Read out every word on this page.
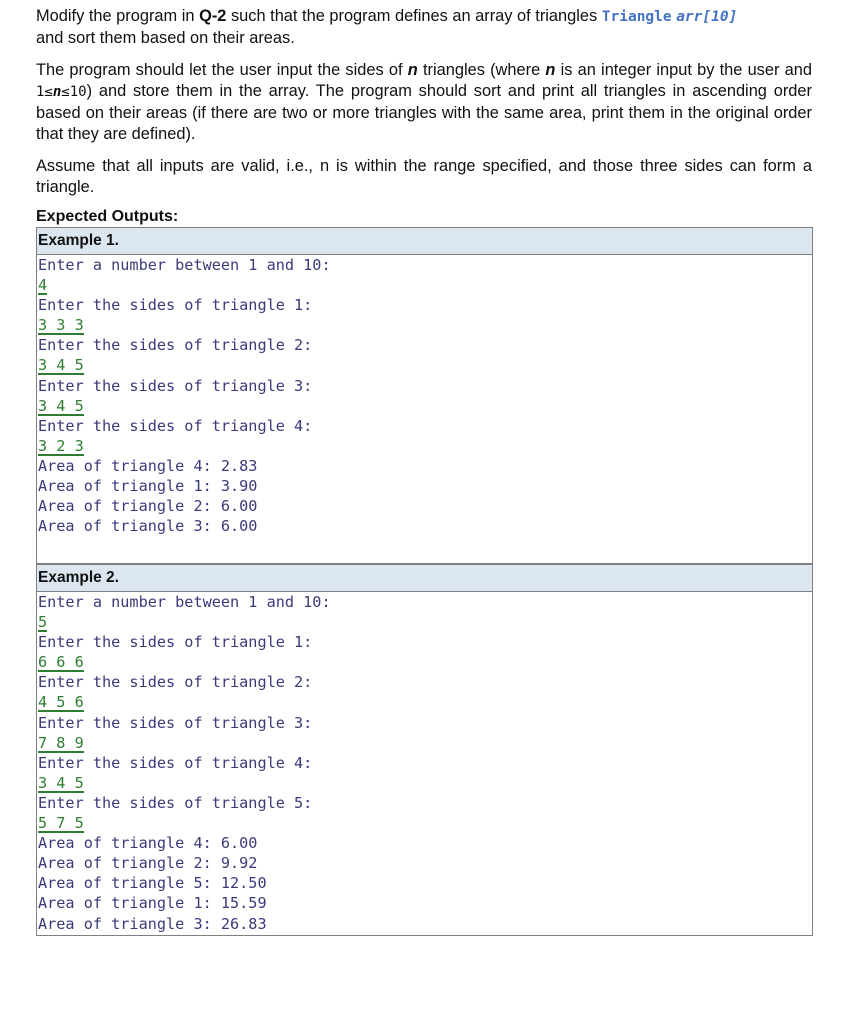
Modify the program in Q-2 such that the program defines an array of triangles Triangle arr[10]
and sort them based on their areas.

The program should let the user input the sides of n triangles (where n is an integer input by the user and 1≤n≤10) and store them in the array. The program should sort and print all triangles in ascending order based on their areas (if there are two or more triangles with the same area, print them in the original order that they are defined).

Assume that all inputs are valid, i.e., n is within the range specified, and those three sides can form a triangle.

Expected Outputs:
Example 1.
Enter a number between 1 and 10:
4
Enter the sides of triangle 1:
3 3 3
Enter the sides of triangle 2:
3 4 5
Enter the sides of triangle 3:
3 4 5
Enter the sides of triangle 4:
3 2 3
Area of triangle 4: 2.83
Area of triangle 1: 3.90
Area of triangle 2: 6.00
Area of triangle 3: 6.00
Example 2.
Enter a number between 1 and 10:
5
Enter the sides of triangle 1:
6 6 6
Enter the sides of triangle 2:
4 5 6
Enter the sides of triangle 3:
7 8 9
Enter the sides of triangle 4:
3 4 5
Enter the sides of triangle 5:
5 7 5
Area of triangle 4: 6.00
Area of triangle 2: 9.92
Area of triangle 5: 12.50
Area of triangle 1: 15.59
Area of triangle 3: 26.83
